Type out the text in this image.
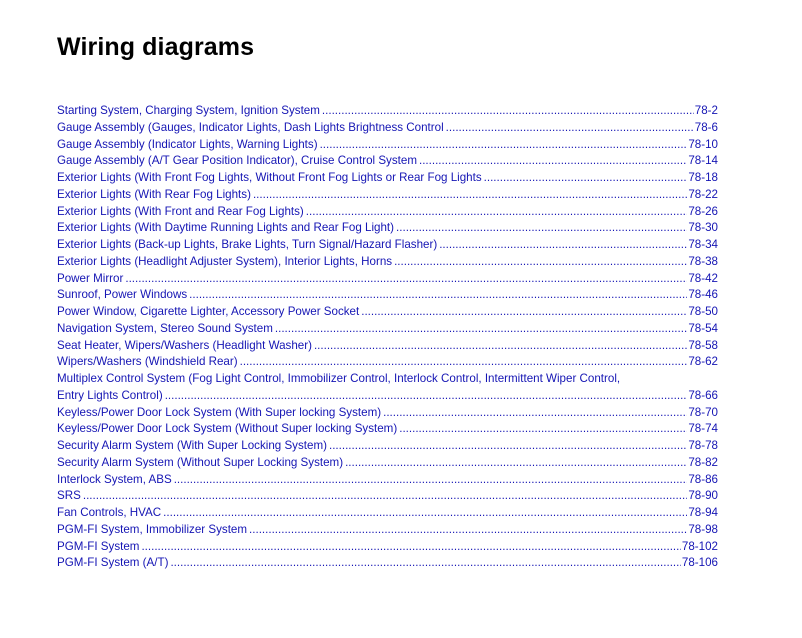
Wiring diagrams
Starting System, Charging System, Ignition System .....	78-2
Gauge Assembly (Gauges, Indicator Lights, Dash Lights Brightness Control .....	78-6
Gauge Assembly (Indicator Lights, Warning Lights) .....	78-10
Gauge Assembly (A/T Gear Position Indicator), Cruise Control System .....	78-14
Exterior Lights (With Front Fog Lights, Without Front Fog Lights or Rear Fog Lights .....	78-18
Exterior Lights (With Rear Fog Lights) .....	78-22
Exterior Lights (With Front and Rear Fog Lights) .....	78-26
Exterior Lights (With Daytime Running Lights and Rear Fog Light) .....	78-30
Exterior Lights (Back-up Lights, Brake Lights, Turn Signal/Hazard Flasher) .....	78-34
Exterior Lights (Headlight Adjuster System), Interior Lights, Horns .....	78-38
Power Mirror .....	78-42
Sunroof, Power Windows .....	78-46
Power Window, Cigarette Lighter, Accessory Power Socket .....	78-50
Navigation System, Stereo Sound System .....	78-54
Seat Heater, Wipers/Washers (Headlight Washer) .....	78-58
Wipers/Washers (Windshield Rear) .....	78-62
Multiplex Control System (Fog Light Control, Immobilizer Control, Interlock Control, Intermittent Wiper Control,
Entry Lights Control) .....	78-66
Keyless/Power Door Lock System (With Super locking System) .....	78-70
Keyless/Power Door Lock System (Without Super locking System) .....	78-74
Security Alarm System (With Super Locking System) .....	78-78
Security Alarm System (Without Super Locking System) .....	78-82
Interlock System, ABS .....	78-86
SRS .....	78-90
Fan Controls, HVAC .....	78-94
PGM-FI System, Immobilizer System .....	78-98
PGM-FI System .....	78-102
PGM-FI System (A/T) .....	78-106
